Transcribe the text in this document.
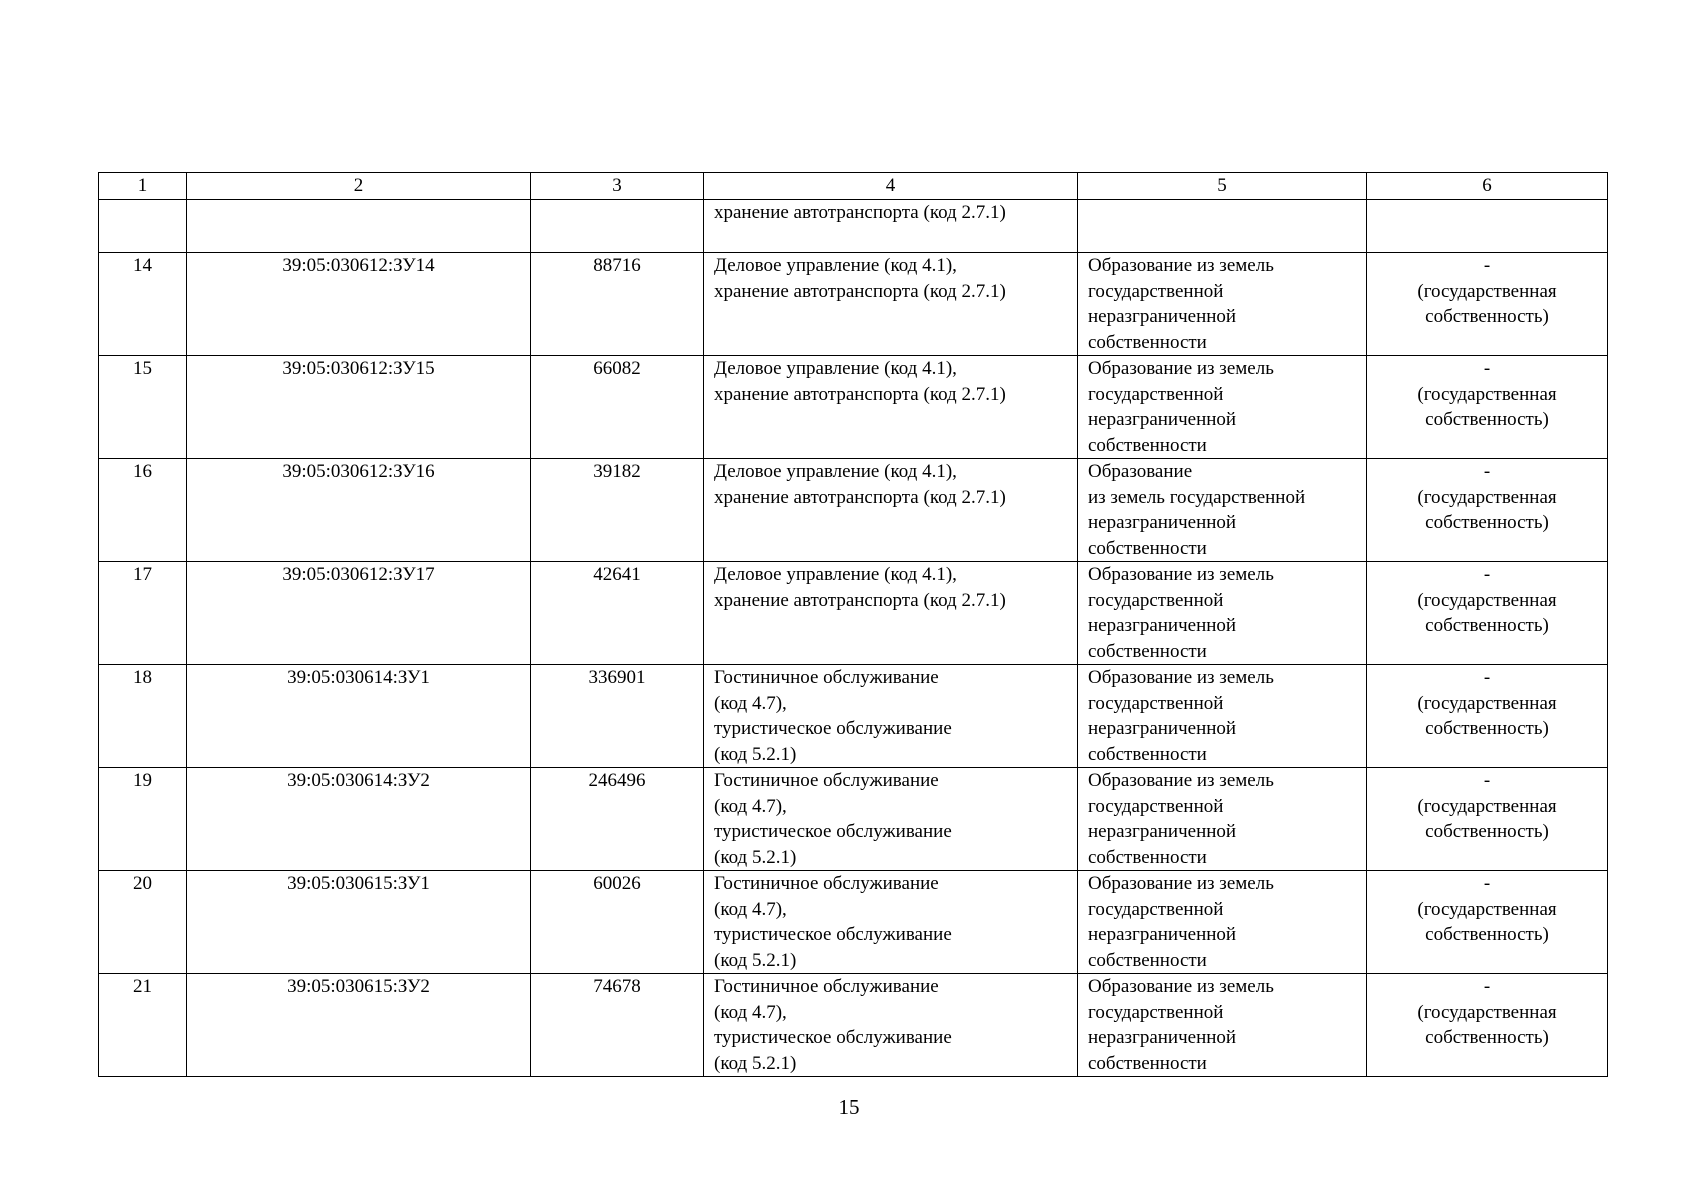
1	2	3	4	5	6

			хранение автотранспорта (код 2.7.1)		

14	39:05:030612:ЗУ14	88716	Деловое управление (код 4.1),
хранение автотранспорта (код 2.7.1)	Образование из земель
государственной
неразграниченной
собственности	-
(государственная
собственность)

15	39:05:030612:ЗУ15	66082	Деловое управление (код 4.1),
хранение автотранспорта (код 2.7.1)	Образование из земель
государственной
неразграниченной
собственности	-
(государственная
собственность)

16	39:05:030612:ЗУ16	39182	Деловое управление (код 4.1),
хранение автотранспорта (код 2.7.1)	Образование
из земель государственной
неразграниченной
собственности	-
(государственная
собственность)

17	39:05:030612:ЗУ17	42641	Деловое управление (код 4.1),
хранение автотранспорта (код 2.7.1)	Образование из земель
государственной
неразграниченной
собственности	-
(государственная
собственность)

18	39:05:030614:ЗУ1	336901	Гостиничное обслуживание
(код 4.7),
туристическое обслуживание
(код 5.2.1)	Образование из земель
государственной
неразграниченной
собственности	-
(государственная
собственность)

19	39:05:030614:ЗУ2	246496	Гостиничное обслуживание
(код 4.7),
туристическое обслуживание
(код 5.2.1)	Образование из земель
государственной
неразграниченной
собственности	-
(государственная
собственность)

20	39:05:030615:ЗУ1	60026	Гостиничное обслуживание
(код 4.7),
туристическое обслуживание
(код 5.2.1)	Образование из земель
государственной
неразграниченной
собственности	-
(государственная
собственность)

21	39:05:030615:ЗУ2	74678	Гостиничное обслуживание
(код 4.7),
туристическое обслуживание
(код 5.2.1)	Образование из земель
государственной
неразграниченной
собственности	-
(государственная
собственность)
15
